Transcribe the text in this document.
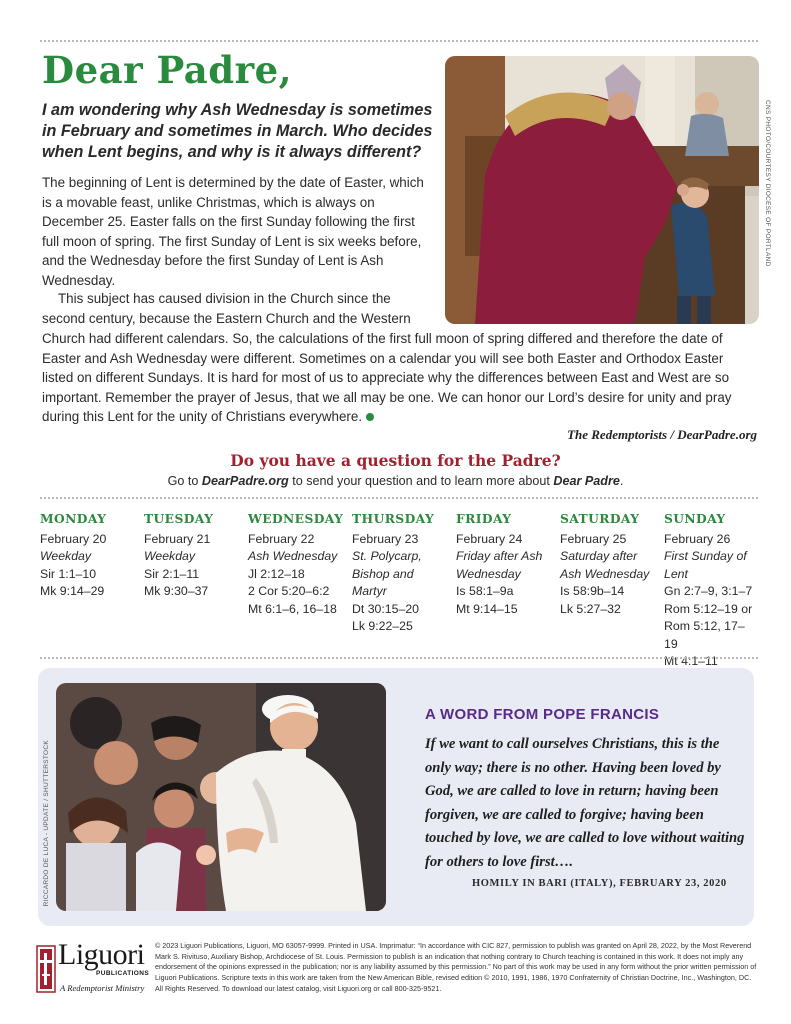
Dear Padre,

I am wondering why Ash Wednesday is sometimes in February and sometimes in March. Who decides when Lent begins, and why is it always different?	CNS PHOTO/COURTESY DIOCESE OF PORTLAND

The beginning of Lent is determined by the date of Easter, which is a movable feast, unlike Christmas, which is always on December 25. Easter falls on the first Sunday following the first full moon of spring. The first Sunday of Lent is six weeks before, and the Wednesday before the first Sunday of Lent is Ash Wednesday.

This subject has caused division in the Church since the second century, because the Eastern Church and the Western

Church had different calendars. So, the calculations of the first full moon of spring differed and therefore the date of Easter and Ash Wednesday were different. Sometimes on a calendar you will see both Easter and Orthodox Easter listed on different Sundays. It is hard for most of us to appreciate why the differences between East and West are so important. Remember the prayer of Jesus, that we all may be one. We can honor our Lord’s desire for unity and pray during this Lent for the unity of Christians everywhere.

The Redemptorists / DearPadre.org

Do you have a question for the Padre?

Go to DearPadre.org to send your question and to learn more about Dear Padre.

MONDAY
February 20
Weekday
Sir 1:1–10
Mk 9:14–29
TUESDAY
February 21
Weekday
Sir 2:1–11
Mk 9:30–37
WEDNESDAY
February 22
Ash Wednesday
Jl 2:12–18
2 Cor 5:20–6:2
Mt 6:1–6, 16–18
THURSDAY
February 23
St. Polycarp, Bishop and Martyr
Dt 30:15–20
Lk 9:22–25
FRIDAY
February 24
Friday after Ash Wednesday
Is 58:1–9a
Mt 9:14–15
SATURDAY
February 25
Saturday after Ash Wednesday
Is 58:9b–14
Lk 5:27–32
SUNDAY
February 26
First Sunday of Lent
Gn 2:7–9, 3:1–7
Rom 5:12–19 or Rom 5:12, 17–19
Mt 4:1–11
RICCARDO DE LUCA - UPDATE / SHUTTERSTOCK
A WORD FROM POPE FRANCIS

If we want to call ourselves Christians, this is the only way; there is no other. Having been loved by God, we are called to love in return; having been forgiven, we are called to forgive; having been touched by love, we are called to love without waiting for others to love first….

HOMILY IN BARI (ITALY), FEBRUARY 23, 2020

Liguori
PUBLICATIONS
A Redemptorist Ministry

© 2023 Liguori Publications, Liguori, MO 63057-9999. Printed in USA. Imprimatur: “In accordance with CIC 827, permission to publish was granted on April 28, 2022, by the Most Reverend Mark S. Rivituso, Auxiliary Bishop, Archdiocese of St. Louis. Permission to publish is an indication that nothing contrary to Church teaching is contained in this work. It does not imply any endorsement of the opinions expressed in the publication; nor is any liability assumed by this permission.” No part of this work may be used in any form without the prior written permission of Liguori Publications. Scripture texts in this work are taken from the New American Bible, revised edition © 2010, 1991, 1986, 1970 Confraternity of Christian Doctrine, Inc., Washington, DC. All Rights Reserved. To download our latest catalog, visit Liguori.org or call 800-325-9521.
